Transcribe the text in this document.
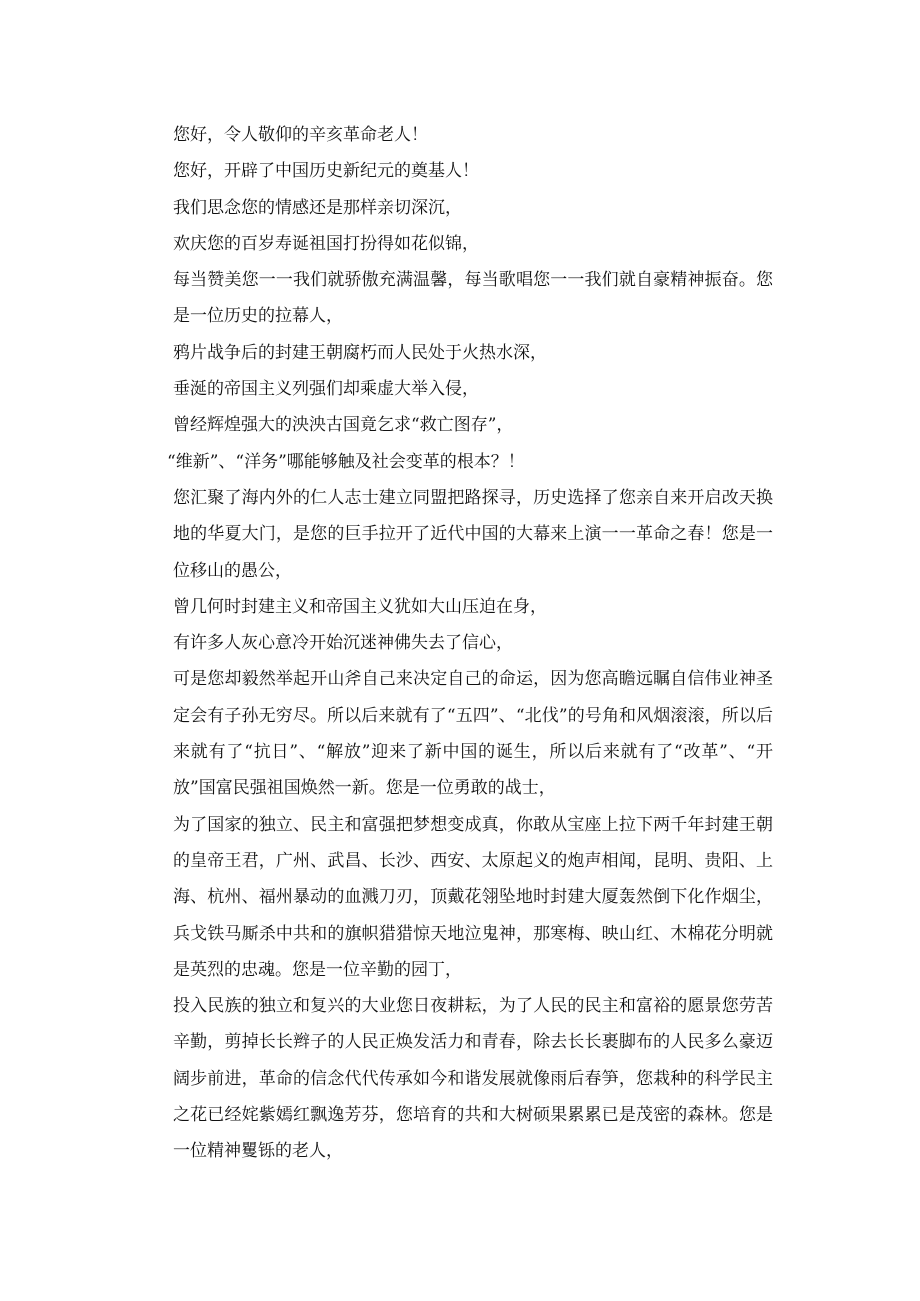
您好，令人敬仰的辛亥革命老人！

您好，开辟了中国历史新纪元的奠基人！

我们思念您的情感还是那样亲切深沉，

欢庆您的百岁寿诞祖国打扮得如花似锦，

每当赞美您一一我们就骄傲充满温馨，每当歌唱您一一我们就自豪精神振奋。您是一位历史的拉幕人，

鸦片战争后的封建王朝腐朽而人民处于火热水深，

垂涎的帝国主义列强们却乘虚大举入侵，

曾经辉煌强大的泱泱古国竟乞求“救亡图存”，

“维新”、“洋务”哪能够触及社会变革的根本？！

您汇聚了海内外的仁人志士建立同盟把路探寻，历史选择了您亲自来开启改天换地的华夏大门，是您的巨手拉开了近代中国的大幕来上演一一革命之春！您是一位移山的愚公，

曾几何时封建主义和帝国主义犹如大山压迫在身，

有许多人灰心意冷开始沉迷神佛失去了信心，

可是您却毅然举起开山斧自己来决定自己的命运，因为您高瞻远瞩自信伟业神圣定会有子孙无穷尽。所以后来就有了“五四”、“北伐”的号角和风烟滚滚，所以后来就有了“抗日”、“解放”迎来了新中国的诞生，所以后来就有了“改革”、“开放”国富民强祖国焕然一新。您是一位勇敢的战士，

为了国家的独立、民主和富强把梦想变成真，你敢从宝座上拉下两千年封建王朝的皇帝王君，广州、武昌、长沙、西安、太原起义的炮声相闻，昆明、贵阳、上海、杭州、福州暴动的血溅刀刃，顶戴花翎坠地时封建大厦轰然倒下化作烟尘，兵戈铁马厮杀中共和的旗帜猎猎惊天地泣鬼神，那寒梅、映山红、木棉花分明就是英烈的忠魂。您是一位辛勤的园丁，

投入民族的独立和复兴的大业您日夜耕耘，为了人民的民主和富裕的愿景您劳苦辛勤，剪掉长长辫子的人民正焕发活力和青春，除去长长裹脚布的人民多么豪迈阔步前进，革命的信念代代传承如今和谐发展就像雨后春笋，您栽种的科学民主之花已经姹紫嫣红飘逸芳芬，您培育的共和大树硕果累累已是茂密的森林。您是一位精神矍铄的老人，
